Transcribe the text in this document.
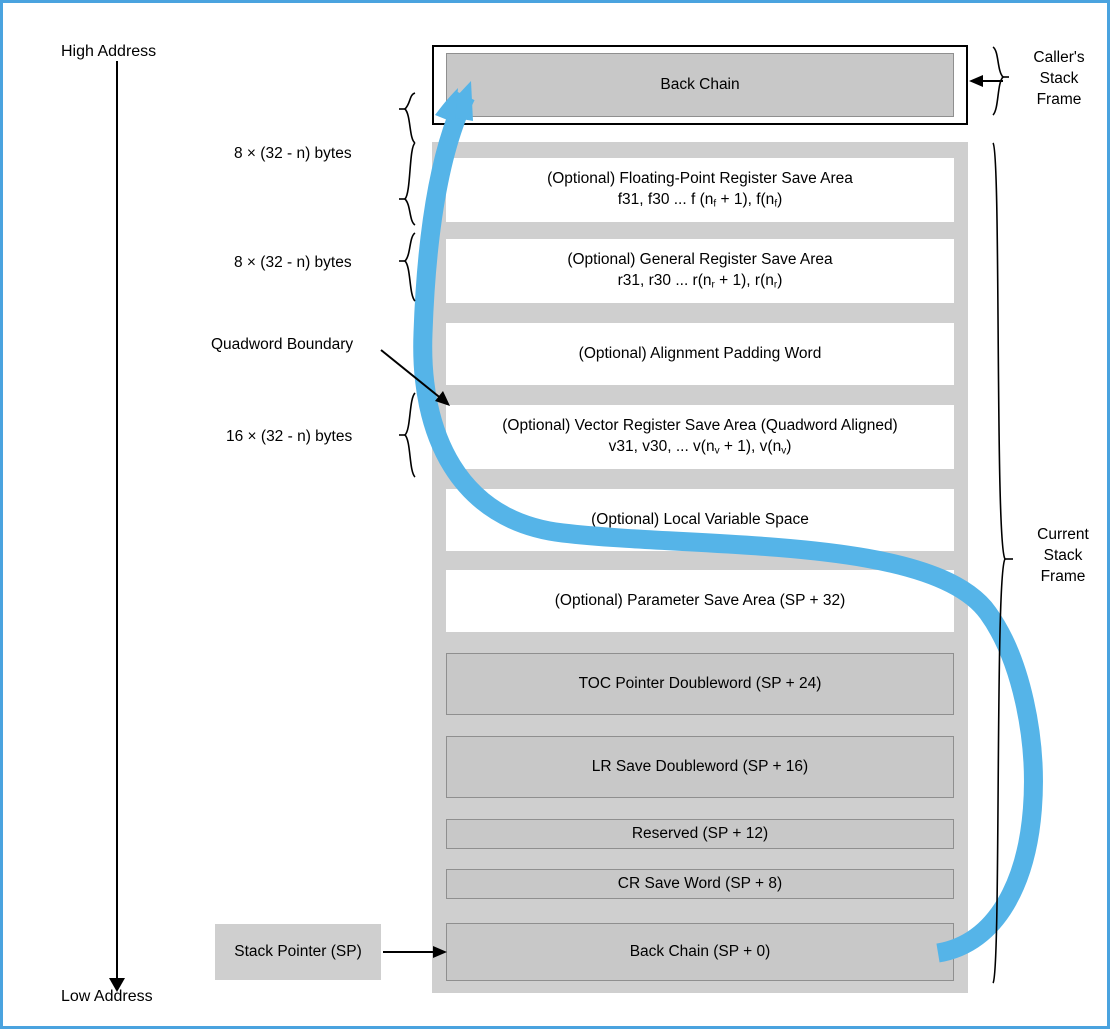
High Address
Low Address
Back Chain
(Optional) Floating-Point Register Save Area
f31, f30 ... f $(n_f + 1)$, $f(n_f)$
(Optional) General Register Save Area
r31, r30 ... $r(n_r + 1)$, $r(n_r)$
(Optional) Alignment Padding Word
(Optional) Vector Register Save Area (Quadword Aligned)
v31, v30, ... $v(n_v + 1)$, $v(n_v)$
(Optional) Local Variable Space
(Optional) Parameter Save Area (SP + 32)
TOC Pointer Doubleword (SP + 24)
LR Save Doubleword (SP + 16)
Reserved (SP + 12)
CR Save Word (SP + 8)
Back Chain (SP + 0)
8 × (32 - n) bytes
8 × (32 - n) bytes
16 × (32 - n) bytes
Quadword Boundary
Stack Pointer (SP)
Caller's
Stack
Frame
Current
Stack
Frame
